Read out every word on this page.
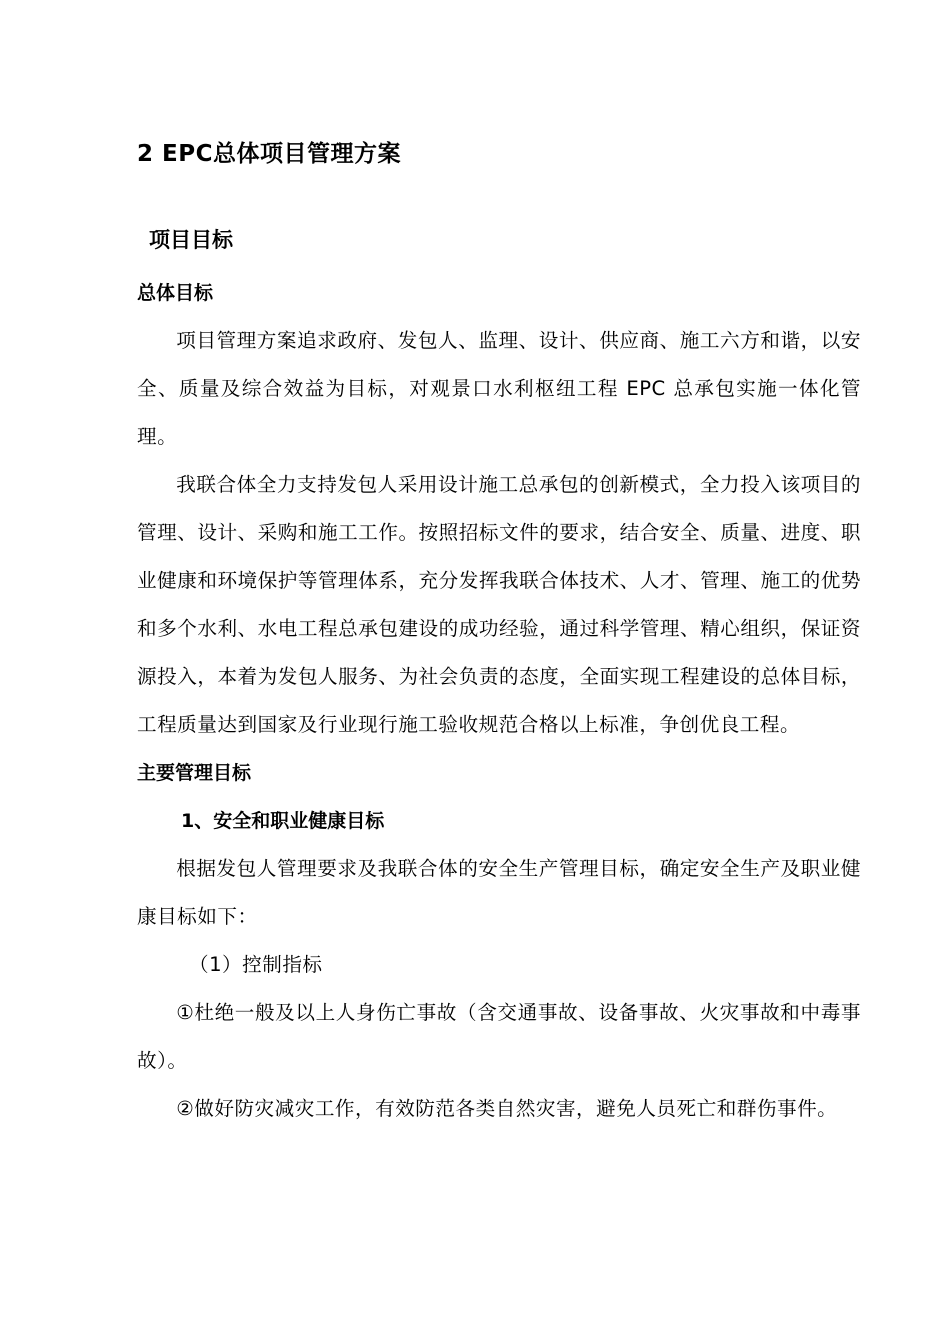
2 EPC总体项目管理方案
项目目标
总体目标

项目管理方案追求政府、发包人、监理、设计、供应商、施工六方和谐，以安全、质量及综合效益为目标，对观景口水利枢纽工程 EPC 总承包实施一体化管理。

我联合体全力支持发包人采用设计施工总承包的创新模式，全力投入该项目的管理、设计、采购和施工工作。按照招标文件的要求，结合安全、质量、进度、职业健康和环境保护等管理体系，充分发挥我联合体技术、人才、管理、施工的优势和多个水利、水电工程总承包建设的成功经验，通过科学管理、精心组织，保证资源投入，本着为发包人服务、为社会负责的态度，全面实现工程建设的总体目标，工程质量达到国家及行业现行施工验收规范合格以上标准，争创优良工程。

主要管理目标
1、安全和职业健康目标

根据发包人管理要求及我联合体的安全生产管理目标，确定安全生产及职业健康目标如下：

（1）控制指标

①杜绝一般及以上人身伤亡事故（含交通事故、设备事故、火灾事故和中毒事故）。

②做好防灾减灾工作，有效防范各类自然灾害，避免人员死亡和群伤事件。
